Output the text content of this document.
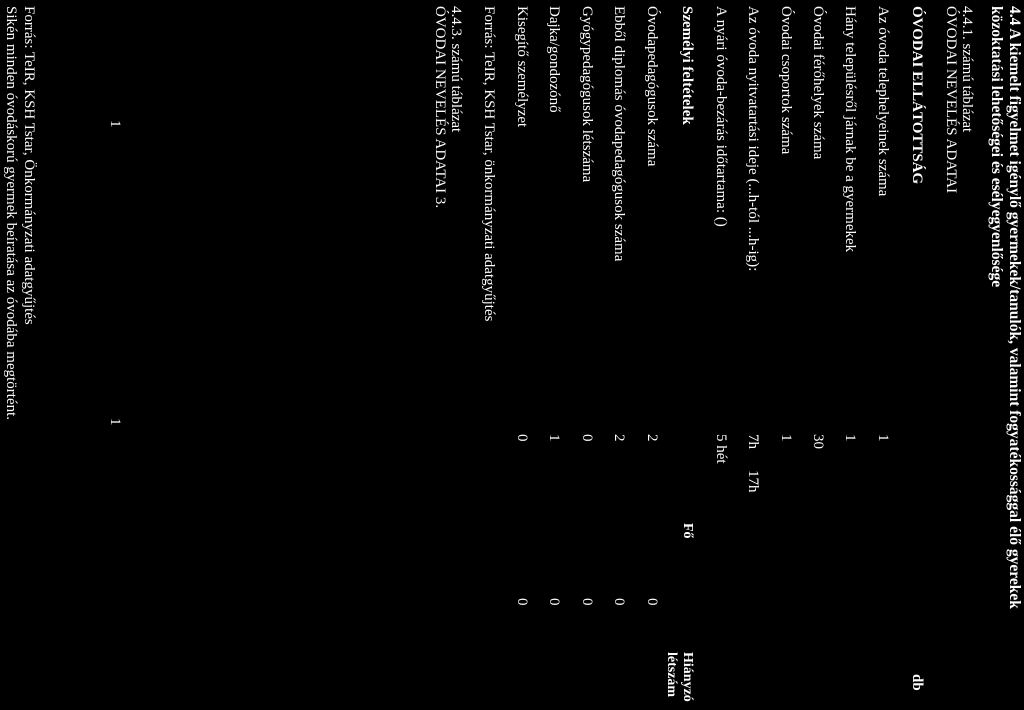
4.4 A kiemelt figyelmet igénylő gyermekek/tanulók, valamint fogyatékossággal élő gyerekek
közoktatási lehetőségei és esélyegyenlősége
4.4.1. számú táblázat
ÓVODAI NEVELÉS ADATAI
ÓVODAI ELLÁTOTTSÁG
db
Az óvoda telephelyeinek száma
1
Hány településről járnak be a gyermekek
1
Óvodai férőhelyek száma
30
Óvodai csoportok száma
1
Az óvoda nyitvatartási ideje (...h-tól ...h-ig):
7h
17h
A nyári óvoda-bezárás időtartama: ()
5 hét
Személyi feltételek
Fő
Hiányzó
létszám
Óvodapedagógusok száma
2
0
Ebből diplomás óvodapedagógusok száma
2
0
Gyógypedagógusok létszáma
0
0
Dajka/gondozónő
1
0
Kisegítő személyzet
0
0
Forrás: TeIR, KSH Tstar, önkormányzati adatgyűjtés
4.4.3. számú táblázat
ÓVODAI NEVELÉS ADATAI 3.
1
1
Forrás: TeIR, KSH Tstar, Önkormányzati adatgyűjtés
Sikén minden óvodáskorú gyermek beíratása az óvodába megtörtént.
